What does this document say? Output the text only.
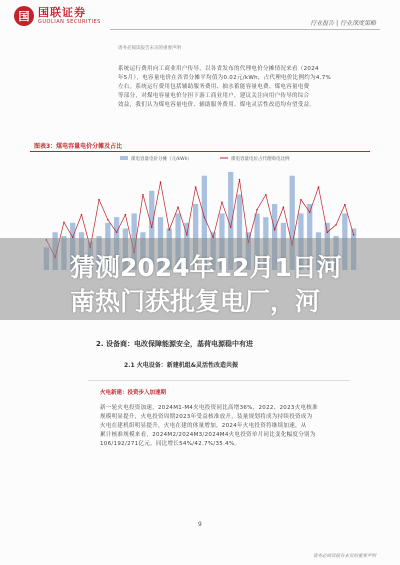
国 国联证券
GUOLIAN SECURITIES	行业报告 | 行业深度策略
请务必阅读报告末页的重要声明
系统运行费用向工商业用户传导，以各省发布的代理电价分摊情况来看（2024
年5月），电容量电价在各省分摊平均值为0.02元/kWh，占代理电价比例约为4.7%
左右。系统运行费用包括辅助服务费用、抽水蓄能容量电费、煤电容量电费
等部分，对煤电容量电价分担下游工商业用户，建议关注向用户传导的综合
效益，我们认为煤电容量电价、辅助服务费用、煤电灵活性改造均有望受益。
图表3：煤电容量电价分摊及占比
煤电容量电价分摊（元/kWh）	煤电容量电价占代理购电比例
猜测2024年12月1日河
南热门获批复电厂，河
2. 设备商：电改保障能源安全，基荷电源稳中有进
2.1 火电设备：新建机组&灵活性改造共振
火电新建：投资步入加速期
新一轮火电投资加速，2024M1-M4火电投资同比高增36%，2022、2023火电核准
规模明显提升，火电投资周期2023年受益核准放开，装量规划将成为持续投资成为
火电在建机组明显提升，火电在建的体量增加，2024年火电投资将继续加速，从
累计核准规模来看，2024M2/2024M3/2024M4火电投资单月同比变化幅度分别为
106/192/271亿元，同比增长54%/42.7%/35.4%。
9
请务必阅读报告末页的重要声明
